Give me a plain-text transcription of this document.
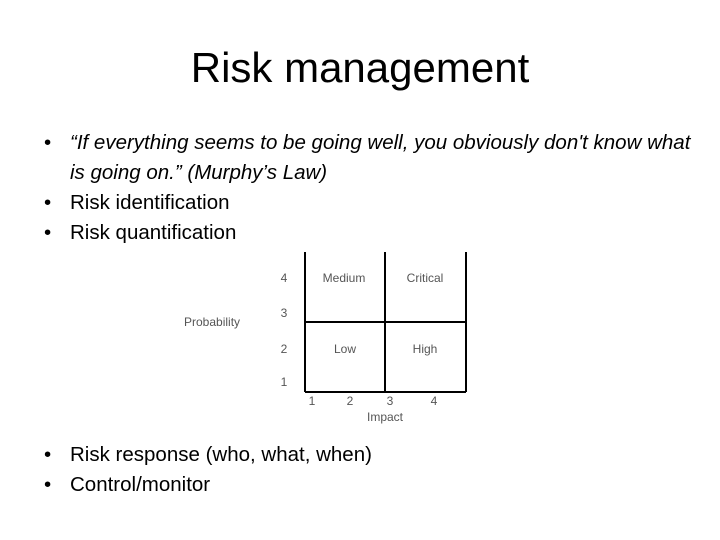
Risk management
• “If everything seems to be going well, you obviously don't know what is going on.” (Murphy’s Law)
• Risk identification
• Risk quantification
Probability
Impact
4
3
2
1
1	2	3	4
Medium	Critical
Low	High
• Risk response (who, what, when)
• Control/monitor
